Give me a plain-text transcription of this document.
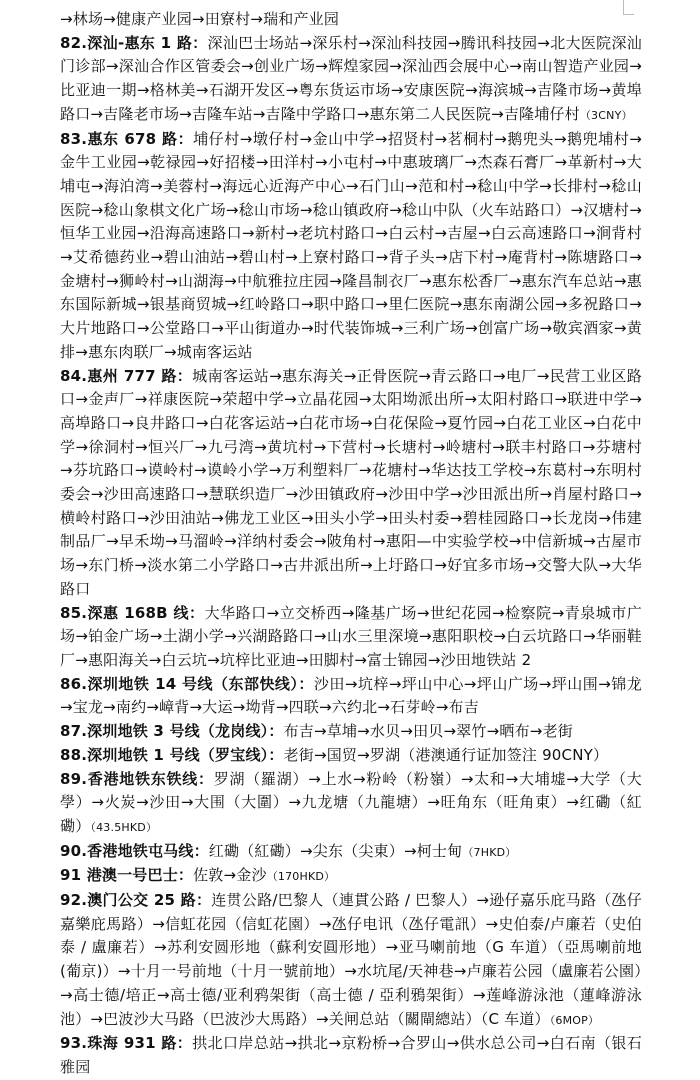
→林场→健康产业园→田寮村→瑞和产业园

82.深汕-惠东 1 路：深汕巴士场站→深乐村→深汕科技园→腾讯科技园→北大医院深汕门诊部→深汕合作区管委会→创业广场→辉煌家园→深汕西会展中心→南山智造产业园→比亚迪一期→格林美→石湖开发区→粤东货运市场→安康医院→海滨城→吉隆市场→黄埠路口→吉隆老市场→吉隆车站→吉隆中学路口→惠东第二人民医院→吉隆埔仔村（3CNY）

83.惠东 678 路：埔仔村→墩仔村→金山中学→招贤村→茗桐村→鹅兜头→鹅兜埔村→金牛工业园→乾禄园→好招楼→田洋村→小屯村→中惠玻璃厂→杰森石膏厂→革新村→大埔屯→海泊湾→美蓉村→海远心近海产中心→石门山→范和村→稔山中学→长排村→稔山医院→稔山象棋文化广场→稔山市场→稔山镇政府→稔山中队（火车站路口）→汉塘村→恒华工业园→沿海高速路口→新村→老坑村路口→白云村→吉屋→白云高速路口→涧背村→艾希德药业→碧山油站→碧山村→上寮村路口→背子头→店下村→庵背村→陈塘路口→金塘村→狮岭村→山湖海→中航雅拉庄园→隆昌制衣厂→惠东松香厂→惠东汽车总站→惠东国际新城→银基商贸城→红岭路口→职中路口→里仁医院→惠东南湖公园→多祝路口→大片地路口→公堂路口→平山街道办→时代装饰城→三利广场→创富广场→敬宾酒家→黄排→惠东肉联厂→城南客运站

84.惠州 777 路：城南客运站→惠东海关→正骨医院→青云路口→电厂→民营工业区路口→金声厂→祥康医院→荣超中学→立晶花园→太阳坳派出所→太阳村路口→联进中学→高埠路口→良井路口→白花客运站→白花市场→白花保险→夏竹园→白花工业区→白花中学→徐洞村→恒兴厂→九弓湾→黄坑村→下营村→长塘村→岭塘村→联丰村路口→芬塘村→芬坑路口→谟岭村→谟岭小学→万利塑料厂→花塘村→华达技工学校→东葛村→东明村委会→沙田高速路口→慧联织造厂→沙田镇政府→沙田中学→沙田派出所→肖屋村路口→横岭村路口→沙田油站→佛龙工业区→田头小学→田头村委→碧桂园路口→长龙岗→伟建制品厂→早禾坳→马溜岭→洋纳村委会→陂角村→惠阳—中实验学校→中信新城→古屋市场→东门桥→淡水第二小学路口→古井派出所→上圩路口→好宜多市场→交警大队→大华路口

85.深惠 168B 线：大华路口→立交桥西→隆基广场→世纪花园→检察院→青泉城市广场→铂金广场→土湖小学→兴湖路路口→山水三里深境→惠阳职校→白云坑路口→华丽鞋厂→惠阳海关→白云坑→坑梓比亚迪→田脚村→富士锦园→沙田地铁站 2

86.深圳地铁 14 号线（东部快线）：沙田→坑梓→坪山中心→坪山广场→坪山围→锦龙→宝龙→南约→嶂背→大运→坳背→四联→六约北→石芽岭→布吉

87.深圳地铁 3 号线（龙岗线）：布吉→草埔→水贝→田贝→翠竹→晒布→老街

88.深圳地铁 1 号线（罗宝线）：老街→国贸→罗湖（港澳通行证加签注 90CNY）

89.香港地铁东铁线：罗湖（羅湖）→上水→粉岭（粉嶺）→太和→大埔墟→大学（大學）→火炭→沙田→大围（大圍）→九龙塘（九龍塘）→旺角东（旺角東）→红磡（紅磡）（43.5HKD）

90.香港地铁屯马线：红磡（紅磡）→尖东（尖東）→柯士甸（7HKD）

91 港澳一号巴士：佐敦→金沙（170HKD）

92.澳门公交 25 路：连贯公路/巴黎人（連貫公路 / 巴黎人）→逊仔嘉乐庇马路（氹仔嘉樂庇馬路）→信虹花园（信虹花園）→氹仔电讯（氹仔電訊）→史伯泰/卢廉若（史伯泰 / 盧廉若）→苏利安圆形地（蘇利安圓形地）→亚马喇前地（G 车道）（亞馬喇前地(葡京)）→十月一号前地（十月一號前地）→水坑尾/天神巷→卢廉若公园（盧廉若公園）→高士德/培正→高士德/亚利鸦架街（高士德 / 亞利鴉架街）→莲峰游泳池（蓮峰游泳池）→巴波沙大马路（巴波沙大馬路）→关闸总站（關閘總站）（C 车道）（6MOP）

93.珠海 931 路：拱北口岸总站→拱北→京粉桥→合罗山→供水总公司→白石南（银石雅园
